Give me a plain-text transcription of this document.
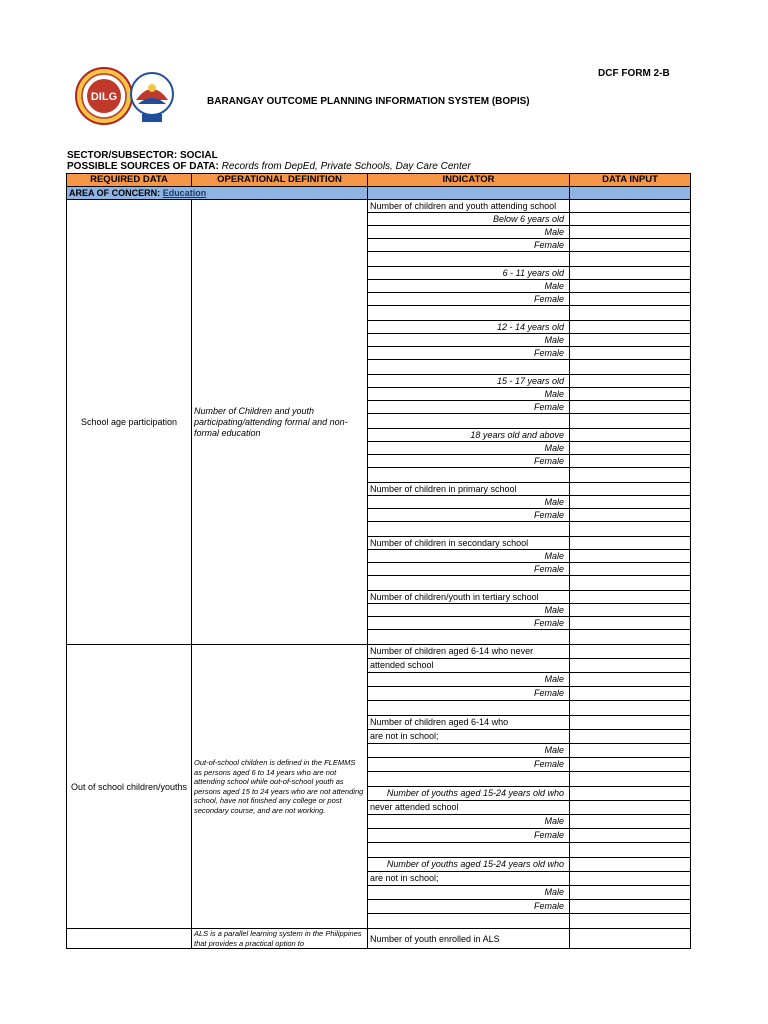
DILG
DCF FORM 2-B
BARANGAY OUTCOME PLANNING INFORMATION SYSTEM (BOPIS)
SECTOR/SUBSECTOR: SOCIAL
POSSIBLE SOURCES OF DATA: Records from DepEd, Private Schools, Day Care Center
REQUIRED DATA	OPERATIONAL DEFINITION	INDICATOR	DATA INPUT
AREA OF CONCERN: Education			
School age participation	Number of Children and youth participating/attending formal and non-formal education	Number of children and youth attending school	
		Below 6 years old	
		Male	
		Female	

		6 - 11 years old	
		Male	
		Female	

		12 - 14 years old	
		Male	
		Female	

		15 - 17 years old	
		Male	
		Female	

		18 years old and above	
		Male	
		Female	

		Number of children in primary school	
		Male	
		Female	

		Number of children in secondary school	
		Male	
		Female	

		Number of children/youth in tertiary school	
		Male	
		Female	

Out of school children/youths	Out-of-school children is defined in the FLEMMS as persons aged 6 to 14 years who are not attending school while out-of-school youth as persons aged 15 to 24 years who are not attending school, have not finished any college or post secondary course, and are not working.	Number of children aged 6-14 who never	
		attended school	
		Male	
		Female	

		Number of children aged 6-14 who	
		are not in school;	
		Male	
		Female	

		Number of youths aged 15-24 years old who	
		never attended school	
		Male	
		Female	

		Number of youths aged 15-24 years old who	
		are not in school;	
		Male	
		Female	

	ALS is a parallel learning system in the Philippines that provides a practical option to	Number of youth enrolled in ALS	
